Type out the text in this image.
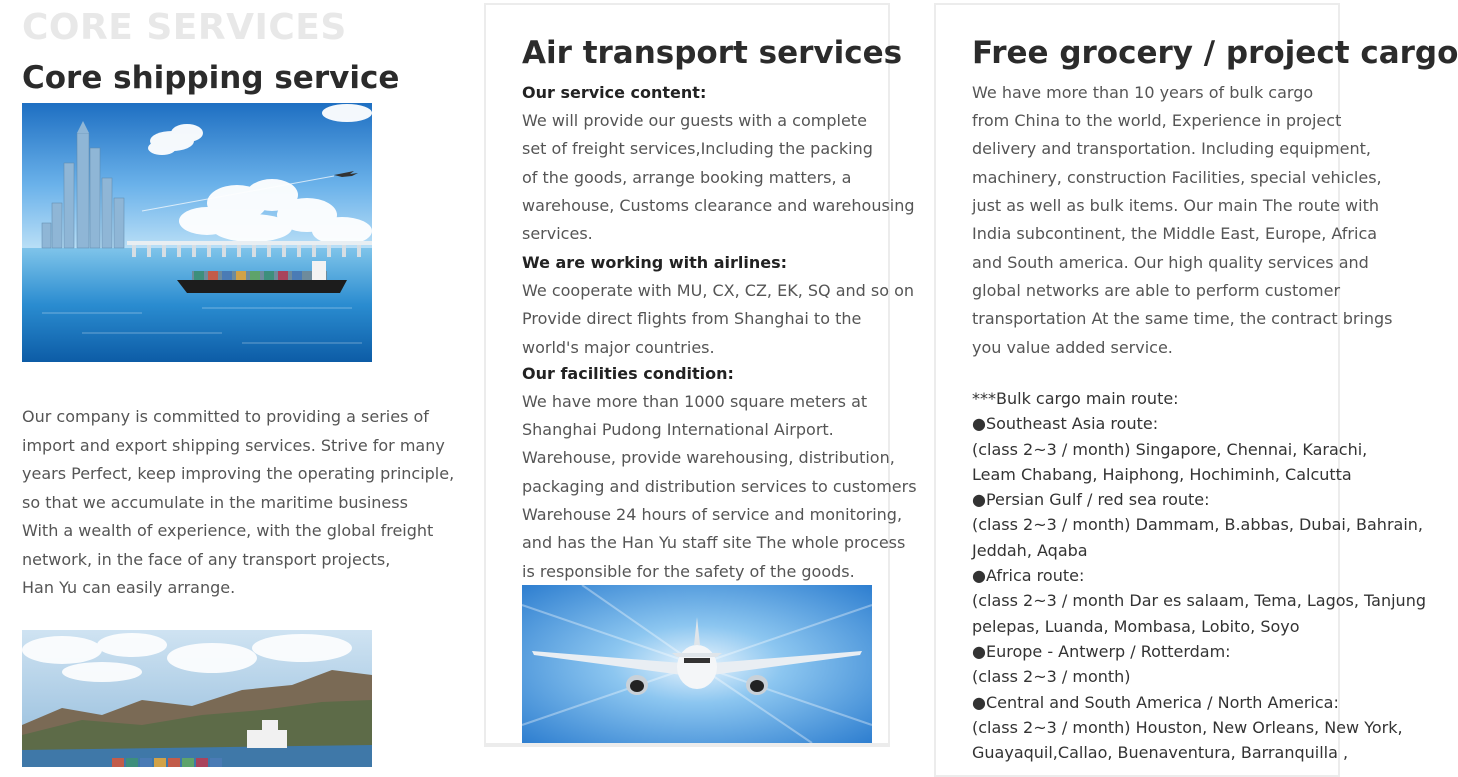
CORE SERVICES
Core shipping service
Our company is committed to providing a series of
import and export shipping services. Strive for many
years Perfect, keep improving the operating principle,
so that we accumulate in the maritime business
With a wealth of experience, with the global freight
network, in the face of any transport projects,
Han Yu can easily arrange.
Air transport services
Our service content:
We will provide our guests with a complete
set of freight services,Including the packing
of the goods, arrange booking matters, a
warehouse, Customs clearance and warehousing
services.
We are working with airlines:
We cooperate with MU, CX, CZ, EK, SQ and so on
Provide direct flights from Shanghai to the
world's major countries.
Our facilities condition:
We have more than 1000 square meters at
Shanghai Pudong International Airport.
Warehouse, provide warehousing, distribution,
packaging and distribution services to customers
Warehouse 24 hours of service and monitoring,
and has the Han Yu staff site The whole process
is responsible for the safety of the goods.
Free grocery / project cargo
We have more than 10 years of bulk cargo
from China to the world, Experience in project
delivery and transportation. Including equipment,
machinery, construction Facilities, special vehicles,
just as well as bulk items. Our main The route with
India subcontinent, the Middle East, Europe, Africa
and South america. Our high quality services and
global networks are able to perform customer
transportation At the same time, the contract brings
you value added service.
***Bulk cargo main route:
●Southeast Asia route:
(class 2~3 / month) Singapore, Chennai, Karachi,
Leam Chabang, Haiphong, Hochiminh, Calcutta
●Persian Gulf / red sea route:
(class 2~3 / month) Dammam, B.abbas, Dubai, Bahrain,
Jeddah, Aqaba
●Africa route:
(class 2~3 / month Dar es salaam, Tema, Lagos, Tanjung
pelepas, Luanda, Mombasa, Lobito, Soyo
●Europe - Antwerp / Rotterdam:
(class 2~3 / month)
●Central and South America / North America:
(class 2~3 / month) Houston, New Orleans, New York,
Guayaquil,Callao, Buenaventura, Barranquilla ,
